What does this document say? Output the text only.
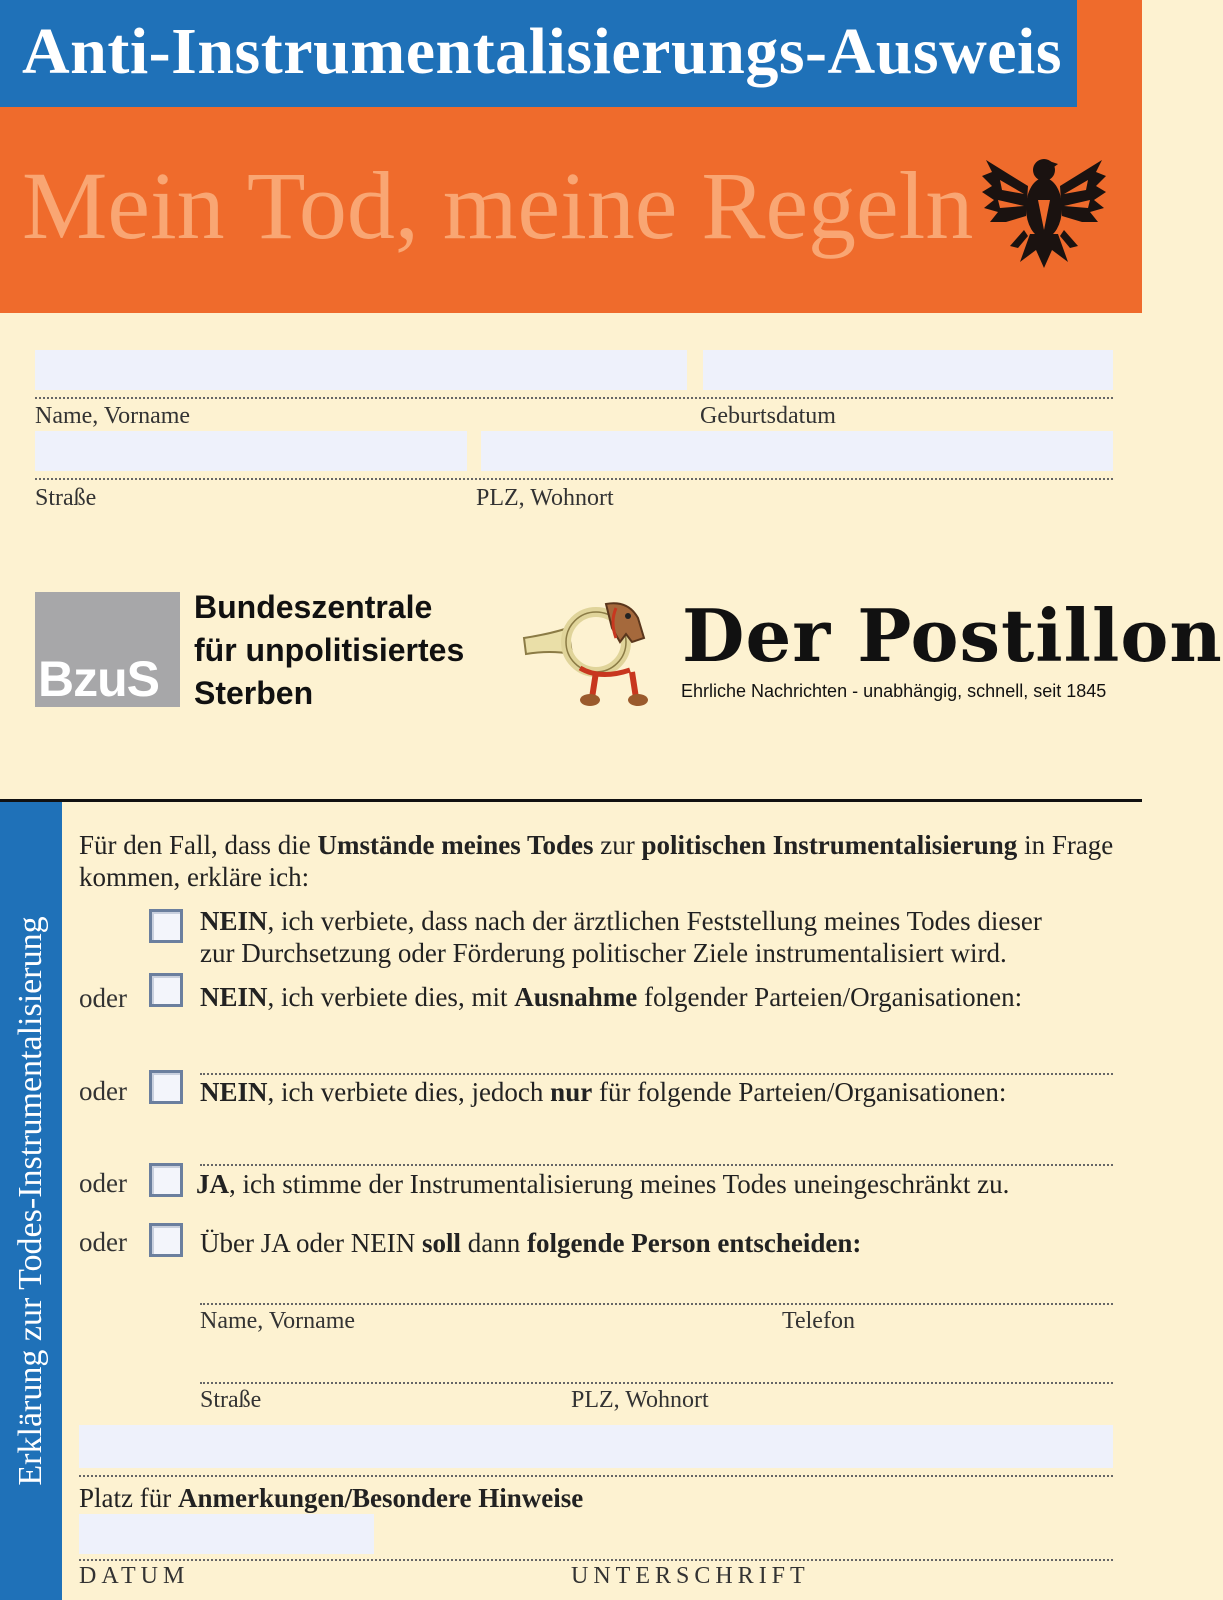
Anti-Instrumentalisierungs-Ausweis
Mein Tod, meine Regeln
Name, Vorname	Geburtsdatum
Straße	PLZ, Wohnort
BzuS
Bundeszentrale
für unpolitisiertes
Sterben
Der Postillon
Ehrliche Nachrichten - unabhängig, schnell, seit 1845
Erklärung zur Todes-Instrumentalisierung
Für den Fall, dass die Umstände meines Todes zur politischen Instrumentalisierung in Frage kommen, erkläre ich:
NEIN, ich verbiete, dass nach der ärztlichen Feststellung meines Todes dieser
zur Durchsetzung oder Förderung politischer Ziele instrumentalisiert wird.
oder	NEIN, ich verbiete dies, mit Ausnahme folgender Parteien/Organisationen:
oder	NEIN, ich verbiete dies, jedoch nur für folgende Parteien/Organisationen:
oder	JA, ich stimme der Instrumentalisierung meines Todes uneingeschränkt zu.
oder	Über JA oder NEIN soll dann folgende Person entscheiden:
Name, Vorname	Telefon
Straße	PLZ, Wohnort
Platz für Anmerkungen/Besondere Hinweise
DATUM	UNTERSCHRIFT
